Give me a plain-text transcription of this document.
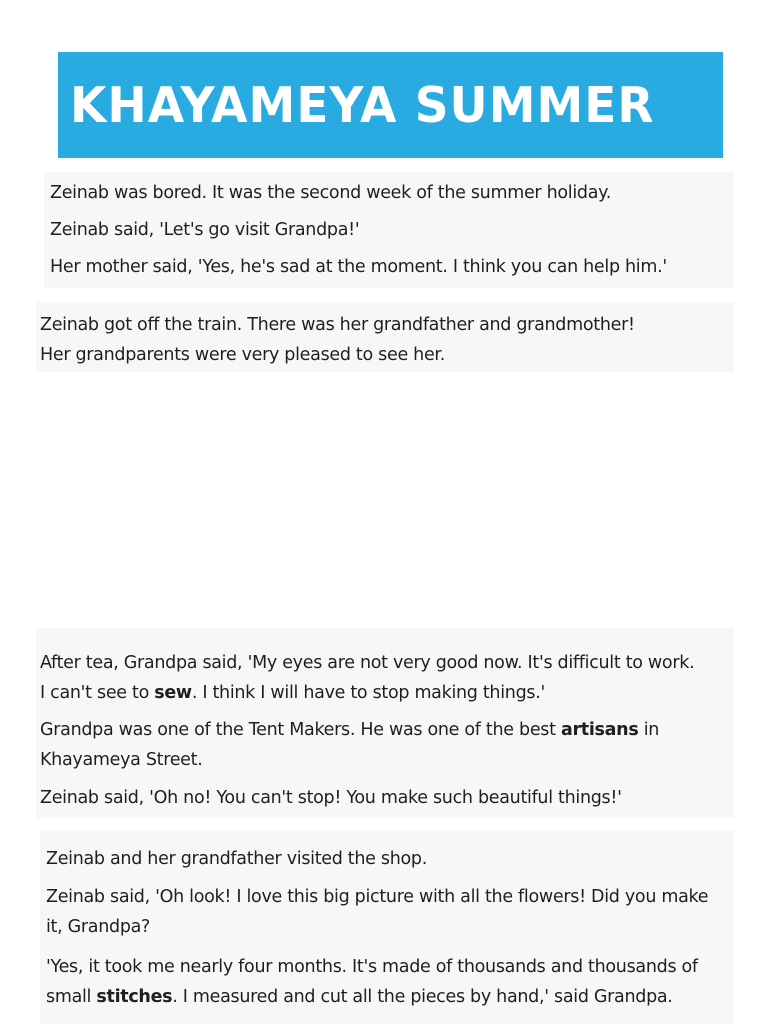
KHAYAMEYA SUMMER

Zeinab was bored. It was the second week of the summer holiday.

Zeinab said, 'Let's go visit Grandpa!'

Her mother said, 'Yes, he's sad at the moment. I think you can help him.'

Zeinab got off the train. There was her grandfather and grandmother!

Her grandparents were very pleased to see her.

After tea, Grandpa said, 'My eyes are not very good now. It's difficult to work.

I can't see to sew. I think I will have to stop making things.'

Grandpa was one of the Tent Makers. He was one of the best artisans in

Khayameya Street.

Zeinab said, 'Oh no! You can't stop! You make such beautiful things!'

Zeinab and her grandfather visited the shop.

Zeinab said, 'Oh look! I love this big picture with all the flowers! Did you make

it, Grandpa?

'Yes, it took me nearly four months. It's made of thousands and thousands of

small stitches. I measured and cut all the pieces by hand,' said Grandpa.
